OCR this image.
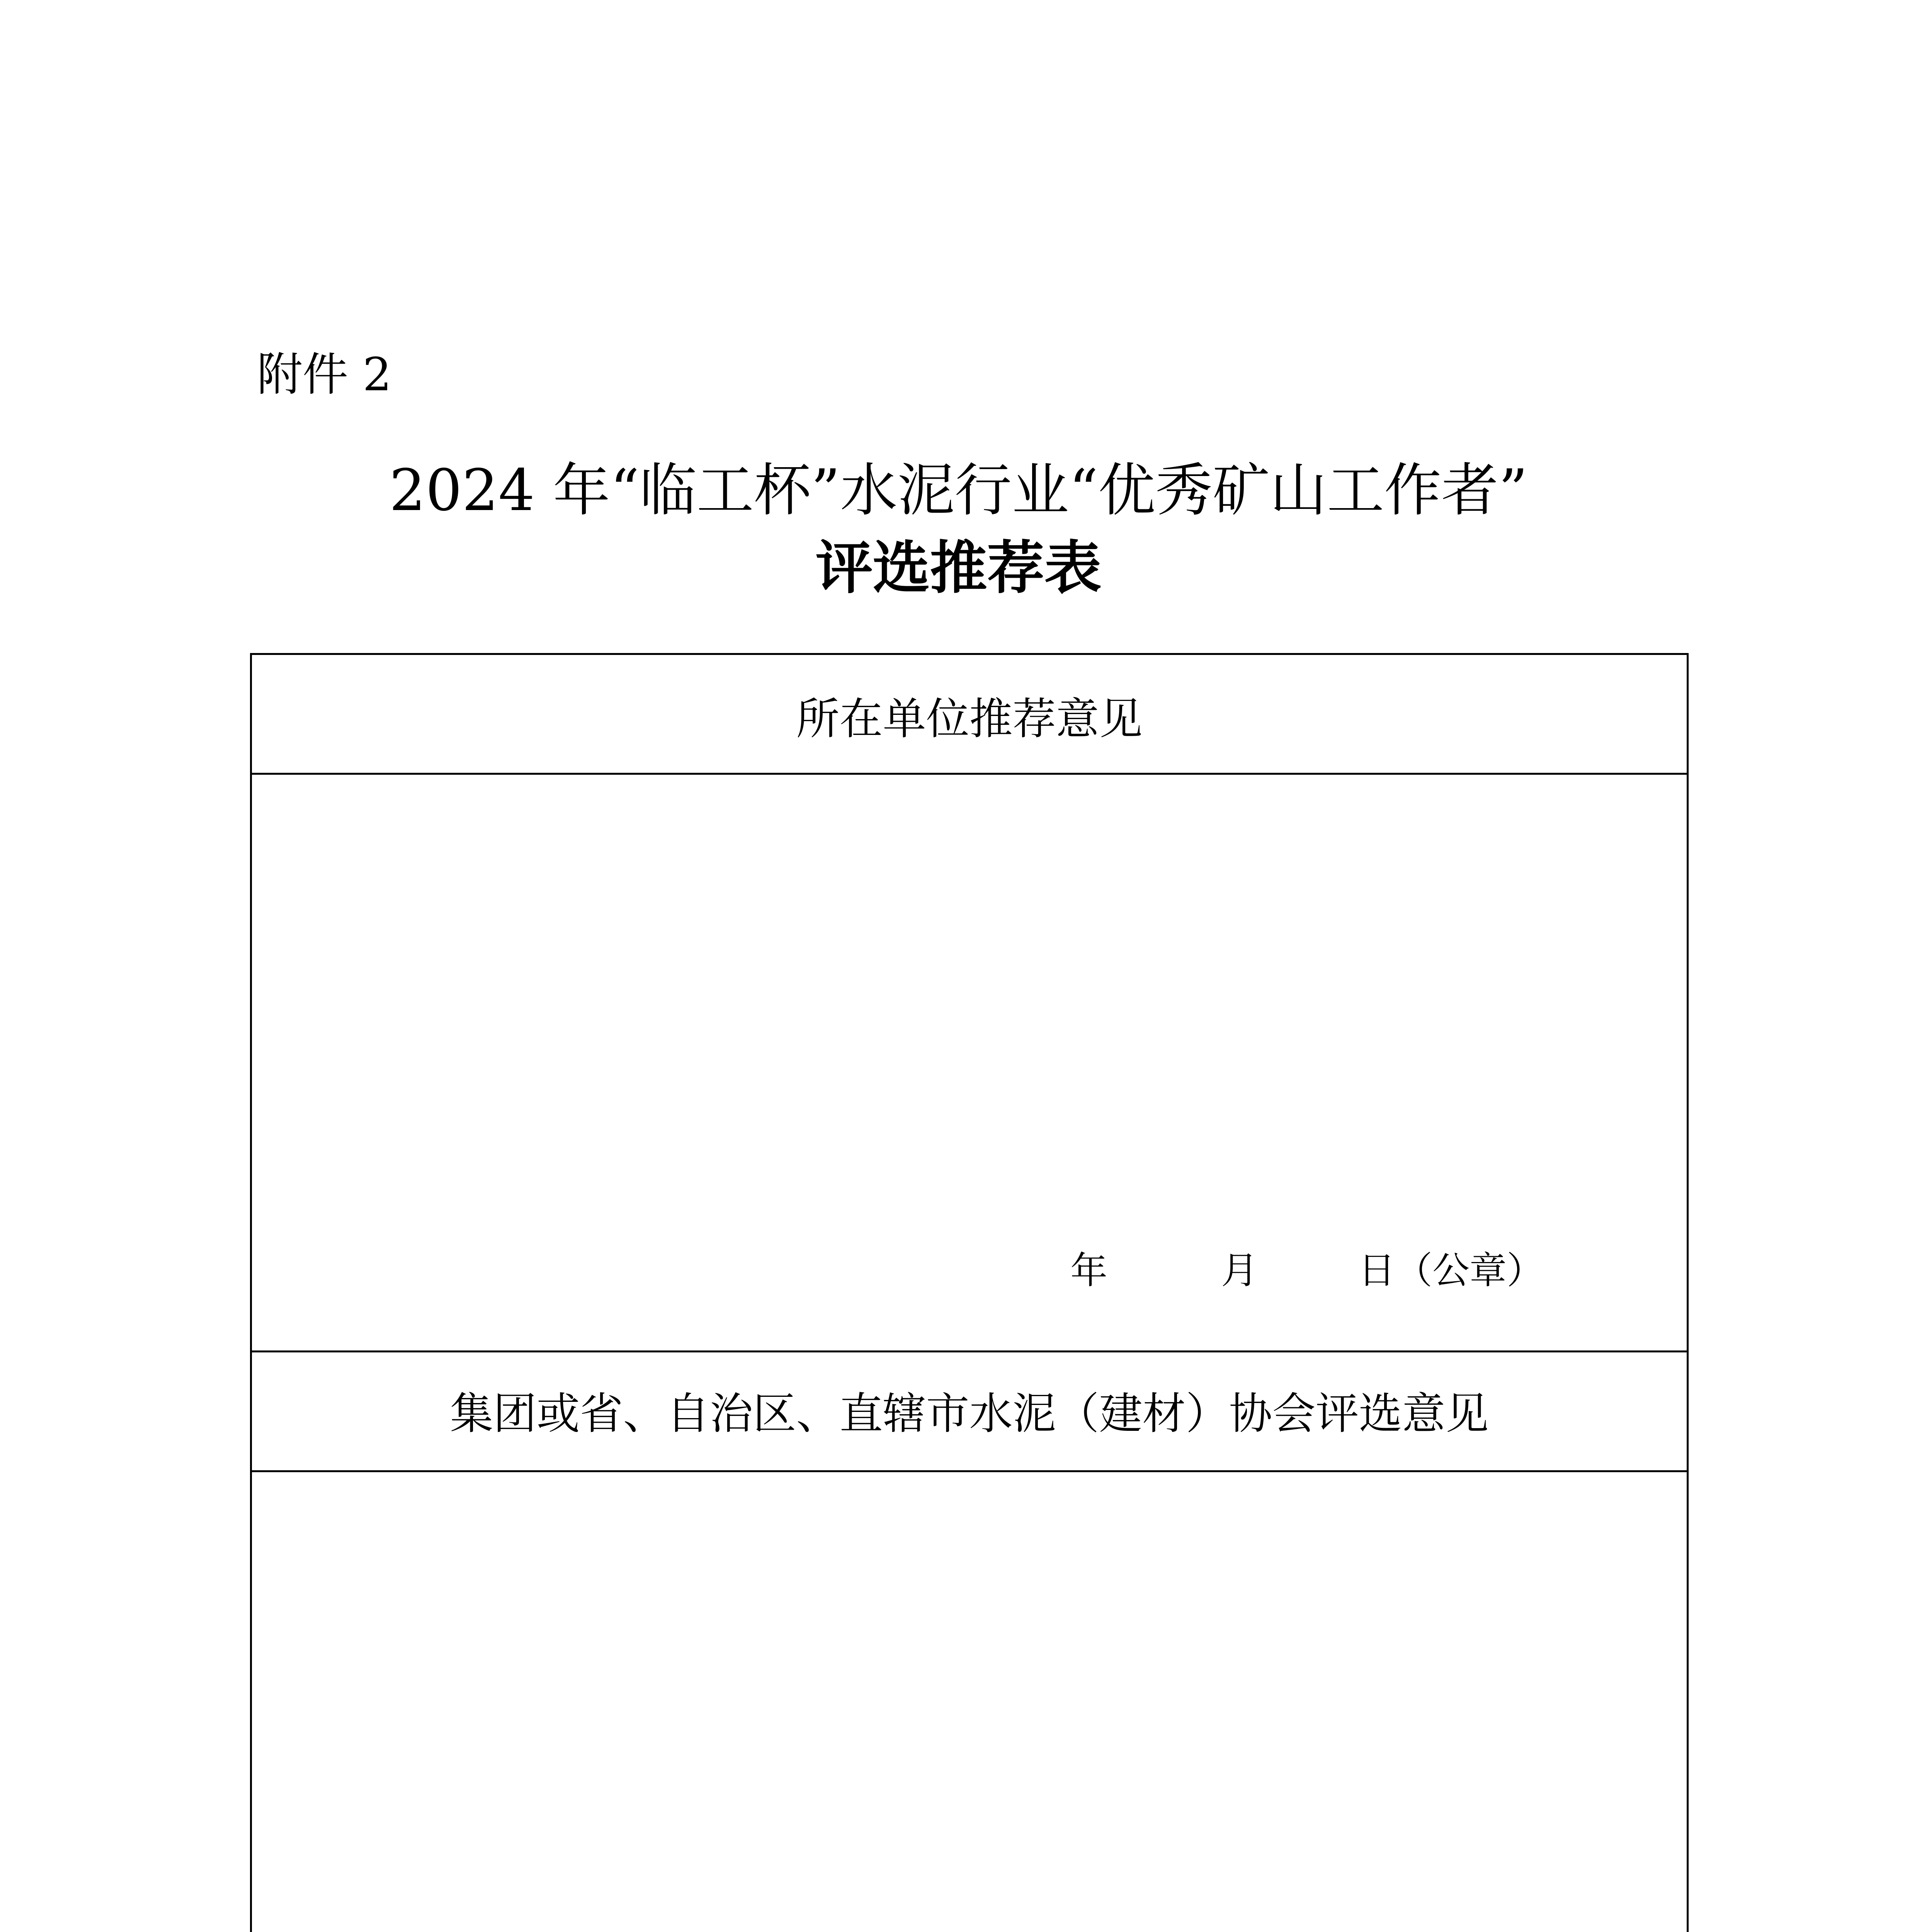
附件 2
2024 年“临工杯”水泥行业“优秀矿山工作者”
评选推荐表
所在单位推荐意见
年	月	日（公章）
集团或省、自治区、直辖市水泥（建材）协会评选意见
